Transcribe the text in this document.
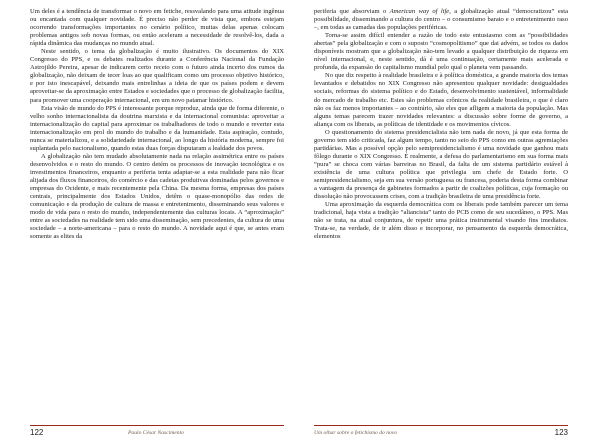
Um deles é a tendência de transformar o novo em fetiche, ressvalando para uma atitude ingênua ou encantada com qualquer novidade. É preciso não perder de vista que, embora estejam ocorrendo transformações importantes no cenário político, muitas delas apenas colocam problemas antigos sob novas formas, ou então aceleram a necessidade de resolvê-los, dada a rápida dinâmica das mudanças no mundo atual.

Neste sentido, o tema da globalização é muito ilustrativo. Os documentos do XIX Congresso do PPS, e os debates realizados durante a Conferência Nacional da Fundação Astrojildo Pereira, apesar de indicarem certo receio com o futuro ainda incerto dos rumos da globalização, não deixam de tecer loas ao que qualificam como um processo objetivo histórico, e por isto inescapável, deixando mais entrelinhas a ideia de que os países podem e devem aproveitar-se da aproximação entre Estados e sociedades que o processo de globalização facilita, para promover uma cooperação internacional, em um novo patamar histórico.

Esta visão de mundo do PPS é interessante porque reproduz, ainda que de forma diferente, o velho sonho internacionalista da doutrina marxista e da internacional comunista: aproveitar a internacionalização do capital para aproximar os trabalhadores de todo o mundo e reverter esta internacionalização em prol do mundo do trabalho e da humanidade. Esta aspiração, contudo, nunca se materializou, e a solidariedade internacional, ao longo da história moderna, sempre foi suplantada pelo nacionalismo, quando estas duas forças disputaram a lealdade dos povos.

A globalização não tem mudado absolutamente nada na relação assimétrica entre os países desenvolvidos e o resto do mundo. O centro detém os processos de inovação tecnológica e os investimentos financeiros, enquanto a periferia tenta adaptar-se a esta realidade para não ficar alijada dos fluxos financeiros, do comércio e das cadeias produtivas dominadas pelos governos e empresas do Ocidente, e mais recentemente pela China. Da mesma forma, empresas dos países centrais, principalmente dos Estados Unidos, detêm o quase-monopólio das redes de comunicação e da produção de cultura de massa e entretenimento, disseminando seus valores e modo de vida para o resto do mundo, independentemente das culturas locais. A “aproximação” entre as sociedades na realidade tem sido uma disseminação, sem precedentes, da cultura de uma sociedade – a norte-americana – para o resto do mundo. A novidade aqui é que, se antes eram somente as elites da

122	Paulo César Nascimento

periferia que absorviam o American way of life, a globalização atual “democratizou” esta possibilidade, disseminando a cultura do centro – o consumismo barato e o entretenimento raso –, em todas as camadas das populações periféricas.

Torna-se assim difícil entender a razão de todo este entusiasmo com as “possibilidades abertas” pela globalização e com o suposto “cosmopolitismo” que dai advém, se todos os dados disponíveis mostram que a globalização não-tem levado a qualquer distribuição de riqueza em nível internacional, e, neste sentido, dá é uma continuação, certamente mais acelerada e profunda, da expansão do capitalismo mundial pelo qual o planeta vem passando.

No que diz respeito à realidade brasileira e à política doméstica, a grande maioria dos temas levantados e debatidos no XIX Congresso não apresentou qualquer novidade: desigualdades sociais, reformas do sistema político e do Estado, desenvolvimento sustentável, informalidade do mercado de trabalho etc. Estes são problemas crônicos da realidade brasileira, o que é claro não os faz menos importantes – ao contrário, são eles que afligem a maioria da população. Mas alguns temas parecem trazer novidades relevantes: a discussão sobre forme de governo, a aliança com os liberais, as políticas de identidade e os movimentos cívicos.

O questionamento do sistema presidencialista não tem nada de novo, já que esta forma de governo tem sido criticada, faz algum tempo, tanto no seio do PPS como em outras agremiações partidárias. Mas a possível opção pelo semipresidencialismo é uma novidade que ganhou mais fôlego durante o XIX Congresso. É realmente, a defesa do parlamentarismo em sua forma mais “pura” se choca com várias barreiras no Brasil, da falta de um sistema partidário estável à existência de uma cultura política que privilegia um chefe de Estado forte. O semipresidencialismo, seja em sua versão portuguesa ou francesa, poderia desta forma combinar a vantagem da presença de gabinetes formados a partir de coalizões políticas, cuja formação ou dissolução não provocassem crises, com a tradição brasileira de uma presidência forte.

Uma aproximação da esquerda democrática com os liberais pode também parecer um tema tradicional, haja vista a tradição “aliancista” tanto do PCB como de seu sucedâneo, o PPS. Mas não se trata, na atual conjuntura, de repetir uma prática instrumental visando fins imediatos. Trata-se, na verdade, de ir além disso e incorporar, no pensamento da esquerda democrática, elementos

Um olhar sobre o fetichismo do novo	123
